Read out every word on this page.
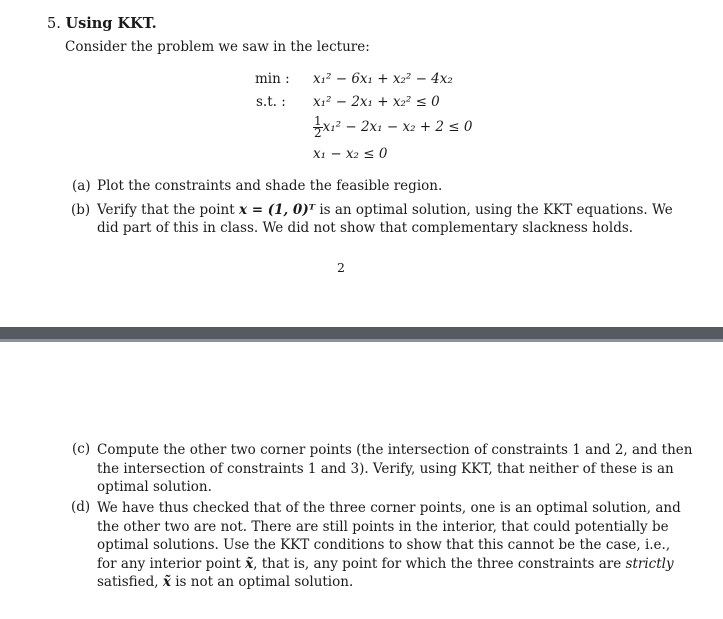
5. Using KKT.
Consider the problem we saw in the lecture:
min : x₁² − 6x₁ + x₂² − 4x₂
s.t. : x₁² − 2x₁ + x₂² ≤ 0
$\frac{1}{2} x_1^2 - 2x_1 - x_2 + 2 \le 0$
x₁ − x₂ ≤ 0
(a) Plot the constraints and shade the feasible region.
(b) Verify that the point x = (1, 0)ᵀ is an optimal solution, using the KKT equations. We
did part of this in class. We did not show that complementary slackness holds.
2
(c) Compute the other two corner points (the intersection of constraints 1 and 2, and then

the intersection of constraints 1 and 3). Verify, using KKT, that neither of these is an

optimal solution.

(d) We have thus checked that of the three corner points, one is an optimal solution, and

the other two are not. There are still points in the interior, that could potentially be

optimal solutions. Use the KKT conditions to show that this cannot be the case, i.e.,

for any interior point x̃, that is, any point for which the three constraints are strictly

satisfied, x̃ is not an optimal solution.
